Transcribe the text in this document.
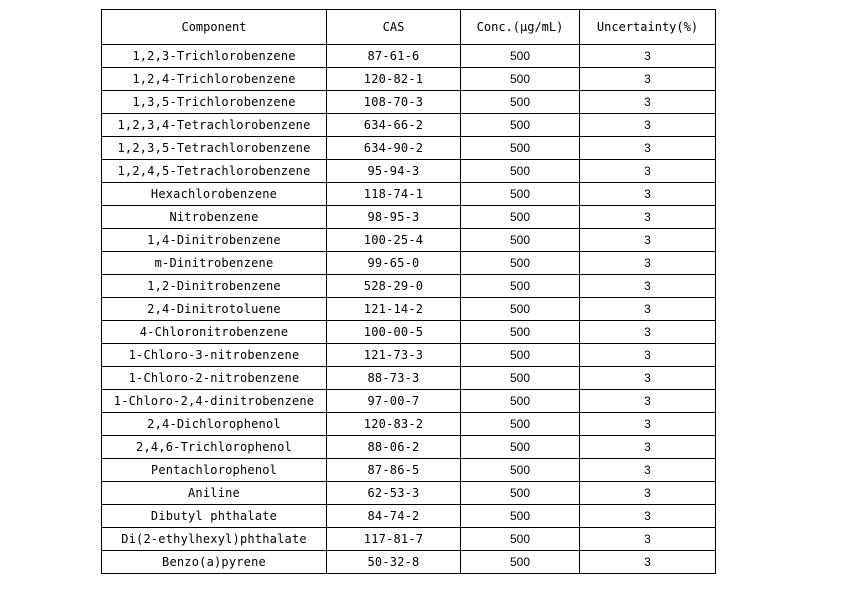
Component	CAS	Conc.(μg/mL)	Uncertainty(%)
1,2,3-Trichlorobenzene	87-61-6	500	3
1,2,4-Trichlorobenzene	120-82-1	500	3
1,3,5-Trichlorobenzene	108-70-3	500	3
1,2,3,4-Tetrachlorobenzene	634-66-2	500	3
1,2,3,5-Tetrachlorobenzene	634-90-2	500	3
1,2,4,5-Tetrachlorobenzene	95-94-3	500	3
Hexachlorobenzene	118-74-1	500	3
Nitrobenzene	98-95-3	500	3
1,4-Dinitrobenzene	100-25-4	500	3
m-Dinitrobenzene	99-65-0	500	3
1,2-Dinitrobenzene	528-29-0	500	3
2,4-Dinitrotoluene	121-14-2	500	3
4-Chloronitrobenzene	100-00-5	500	3
1-Chloro-3-nitrobenzene	121-73-3	500	3
1-Chloro-2-nitrobenzene	88-73-3	500	3
1-Chloro-2,4-dinitrobenzene	97-00-7	500	3
2,4-Dichlorophenol	120-83-2	500	3
2,4,6-Trichlorophenol	88-06-2	500	3
Pentachlorophenol	87-86-5	500	3
Aniline	62-53-3	500	3
Dibutyl phthalate	84-74-2	500	3
Di(2-ethylhexyl)phthalate	117-81-7	500	3
Benzo(a)pyrene	50-32-8	500	3
